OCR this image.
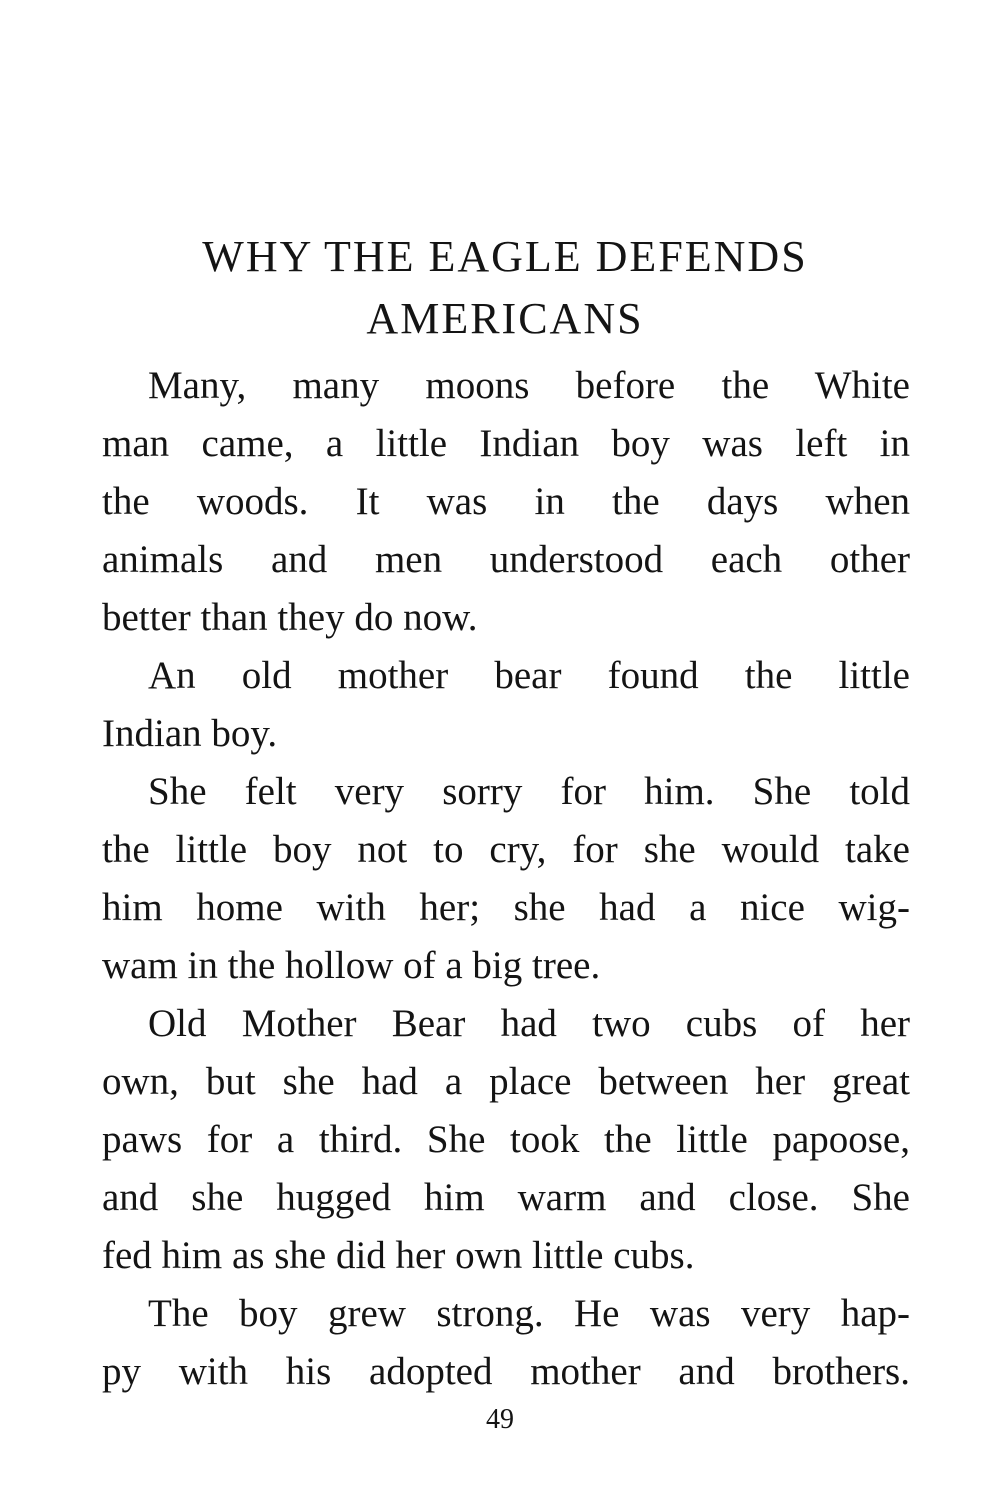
WHY THE EAGLE DEFENDS
AMERICANS
Many, many moons before the White
man came, a little Indian boy was left in
the woods. It was in the days when
animals and men understood each other
better than they do now.
An old mother bear found the little
Indian boy.
She felt very sorry for him. She told
the little boy not to cry, for she would take
him home with her; she had a nice wig-
wam in the hollow of a big tree.
Old Mother Bear had two cubs of her
own, but she had a place between her great
paws for a third. She took the little papoose,
and she hugged him warm and close. She
fed him as she did her own little cubs.
The boy grew strong. He was very hap-
py with his adopted mother and brothers.
49
